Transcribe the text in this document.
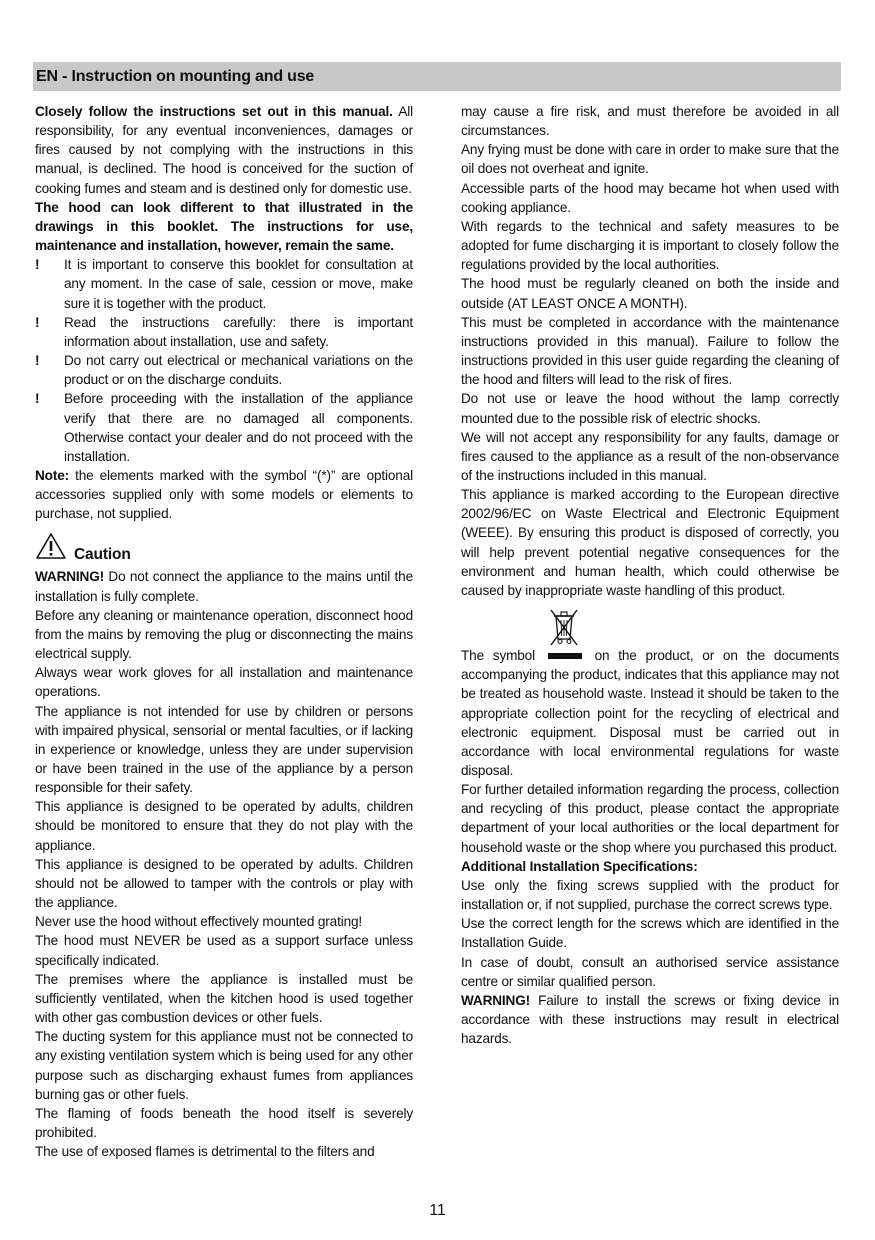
EN - Instruction on mounting and use

Closely follow the instructions set out in this manual. All responsibility, for any eventual inconveniences, damages or fires caused by not complying with the instructions in this manual, is declined. The hood is conceived for the suction of cooking fumes and steam and is destined only for domestic use.

The hood can look different to that illustrated in the drawings in this booklet. The instructions for use, maintenance and installation, however, remain the same.

! It is important to conserve this booklet for consultation at any moment. In the case of sale, cession or move, make sure it is together with the product.

! Read the instructions carefully: there is important information about installation, use and safety.

! Do not carry out electrical or mechanical variations on the product or on the discharge conduits.

! Before proceeding with the installation of the appliance verify that there are no damaged all components. Otherwise contact your dealer and do not proceed with the installation.

Note: the elements marked with the symbol “(*)” are optional accessories supplied only with some models or elements to purchase, not supplied.

Caution

WARNING! Do not connect the appliance to the mains until the installation is fully complete.

Before any cleaning or maintenance operation, disconnect hood from the mains by removing the plug or disconnecting the mains electrical supply.

Always wear work gloves for all installation and maintenance operations.

The appliance is not intended for use by children or persons with impaired physical, sensorial or mental faculties, or if lacking in experience or knowledge, unless they are under supervision or have been trained in the use of the appliance by a person responsible for their safety.

This appliance is designed to be operated by adults, children should be monitored to ensure that they do not play with the appliance.

This appliance is designed to be operated by adults. Children should not be allowed to tamper with the controls or play with the appliance.

Never use the hood without effectively mounted grating!

The hood must NEVER be used as a support surface unless specifically indicated.

The premises where the appliance is installed must be sufficiently ventilated, when the kitchen hood is used together with other gas combustion devices or other fuels.

The ducting system for this appliance must not be connected to any existing ventilation system which is being used for any other purpose such as discharging exhaust fumes from appliances burning gas or other fuels.

The flaming of foods beneath the hood itself is severely prohibited.

The use of exposed flames is detrimental to the filters and

may cause a fire risk, and must therefore be avoided in all circumstances.

Any frying must be done with care in order to make sure that the oil does not overheat and ignite.

Accessible parts of the hood may became hot when used with cooking appliance.

With regards to the technical and safety measures to be adopted for fume discharging it is important to closely follow the regulations provided by the local authorities.

The hood must be regularly cleaned on both the inside and outside (AT LEAST ONCE A MONTH).

This must be completed in accordance with the maintenance instructions provided in this manual). Failure to follow the instructions provided in this user guide regarding the cleaning of the hood and filters will lead to the risk of fires.

Do not use or leave the hood without the lamp correctly mounted due to the possible risk of electric shocks.

We will not accept any responsibility for any faults, damage or fires caused to the appliance as a result of the non-observance of the instructions included in this manual.

This appliance is marked according to the European directive 2002/96/EC on Waste Electrical and Electronic Equipment (WEEE). By ensuring this product is disposed of correctly, you will help prevent potential negative consequences for the environment and human health, which could otherwise be caused by inappropriate waste handling of this product.

The symbol	on the product, or on the documents accompanying the product, indicates that this appliance may not be treated as household waste. Instead it should be taken to the appropriate collection point for the recycling of electrical and electronic equipment. Disposal must be carried out in accordance with local environmental regulations for waste disposal.

For further detailed information regarding the process, collection and recycling of this product, please contact the appropriate department of your local authorities or the local department for household waste or the shop where you purchased this product.

Additional Installation Specifications:

Use only the fixing screws supplied with the product for installation or, if not supplied, purchase the correct screws type.

Use the correct length for the screws which are identified in the Installation Guide.

In case of doubt, consult an authorised service assistance centre or similar qualified person.

WARNING! Failure to install the screws or fixing device in accordance with these instructions may result in electrical hazards.

11
